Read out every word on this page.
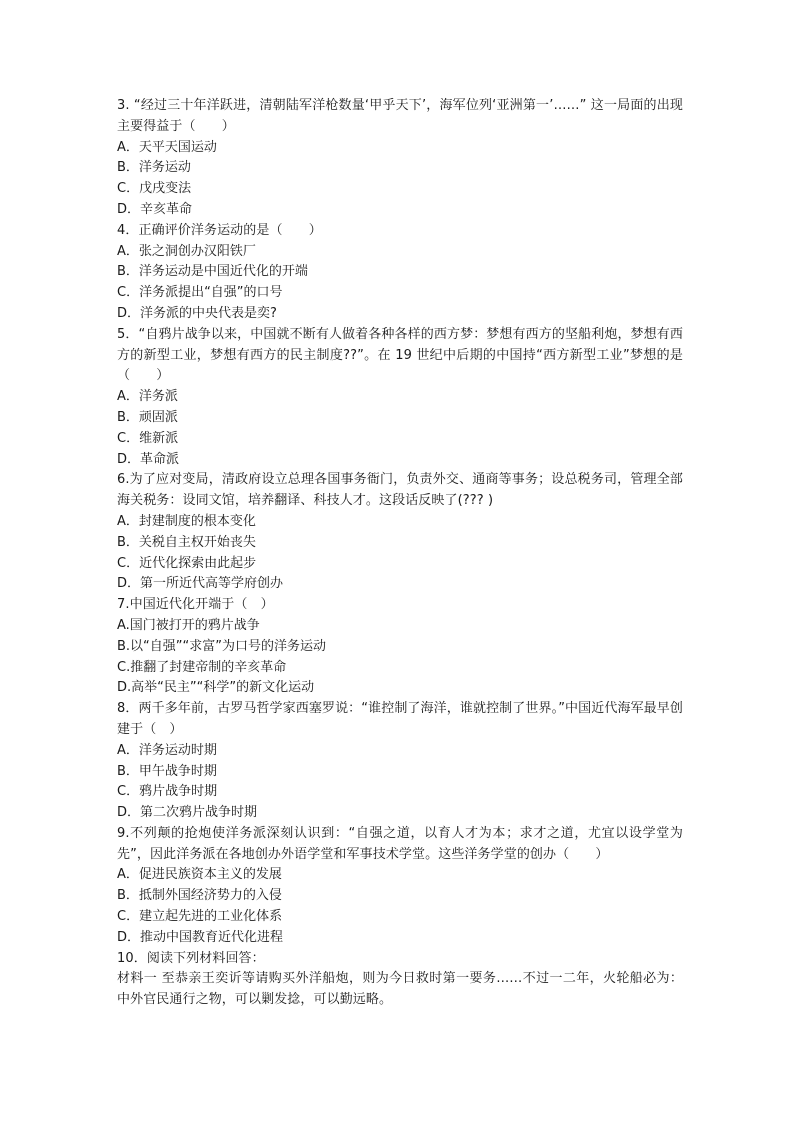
3. “经过三十年洋跃进，清朝陆军洋枪数量‘甲乎天下’，海军位列‘亚洲第一’……” 这一局面的出现主要得益于（　　）

A．天平天国运动

B．洋务运动

C．戊戌变法

D．辛亥革命

4．正确评价洋务运动的是（　　）

A．张之洞创办汉阳铁厂

B．洋务运动是中国近代化的开端

C．洋务派提出“自强”的口号

D．洋务派的中央代表是奕?

5．“自鸦片战争以来，中国就不断有人做着各种各样的西方梦：梦想有西方的坚船利炮，梦想有西方的新型工业，梦想有西方的民主制度??”。在 19 世纪中后期的中国持“西方新型工业”梦想的是（　　）

A．洋务派

B．顽固派

C．维新派

D．革命派

6.为了应对变局，清政府设立总理各国事务衙门，负责外交、通商等事务；设总税务司，管理全部海关税务：设同文馆，培养翻译、科技人才。这段话反映了(??? )

A．封建制度的根本变化

B．关税自主权开始丧失

C．近代化探索由此起步

D．第一所近代高等学府创办

7.中国近代化开端于（　）

A.国门被打开的鸦片战争

B.以“自强”“求富”为口号的洋务运动

C.推翻了封建帝制的辛亥革命

D.高举“民主”“科学”的新文化运动

8．两千多年前，古罗马哲学家西塞罗说：“谁控制了海洋，谁就控制了世界。”中国近代海军最早创建于（　）

A．洋务运动时期

B．甲午战争时期

C．鸦片战争时期

D．第二次鸦片战争时期

9.不列颠的抢炮使洋务派深刻认识到：“自强之道，以育人才为本；求才之道，尤宜以设学堂为先”，因此洋务派在各地创办外语学堂和军事技术学堂。这些洋务学堂的创办（　　）

A．促进民族资本主义的发展

B．抵制外国经济势力的入侵

C．建立起先进的工业化体系

D．推动中国教育近代化进程

10．阅读下列材料回答：

材料一 至恭亲王奕䜣等请购买外洋船炮，则为今日救时第一要务……不过一二年，火轮船必为：中外官民通行之物，可以剿发捻，可以勤远略。
